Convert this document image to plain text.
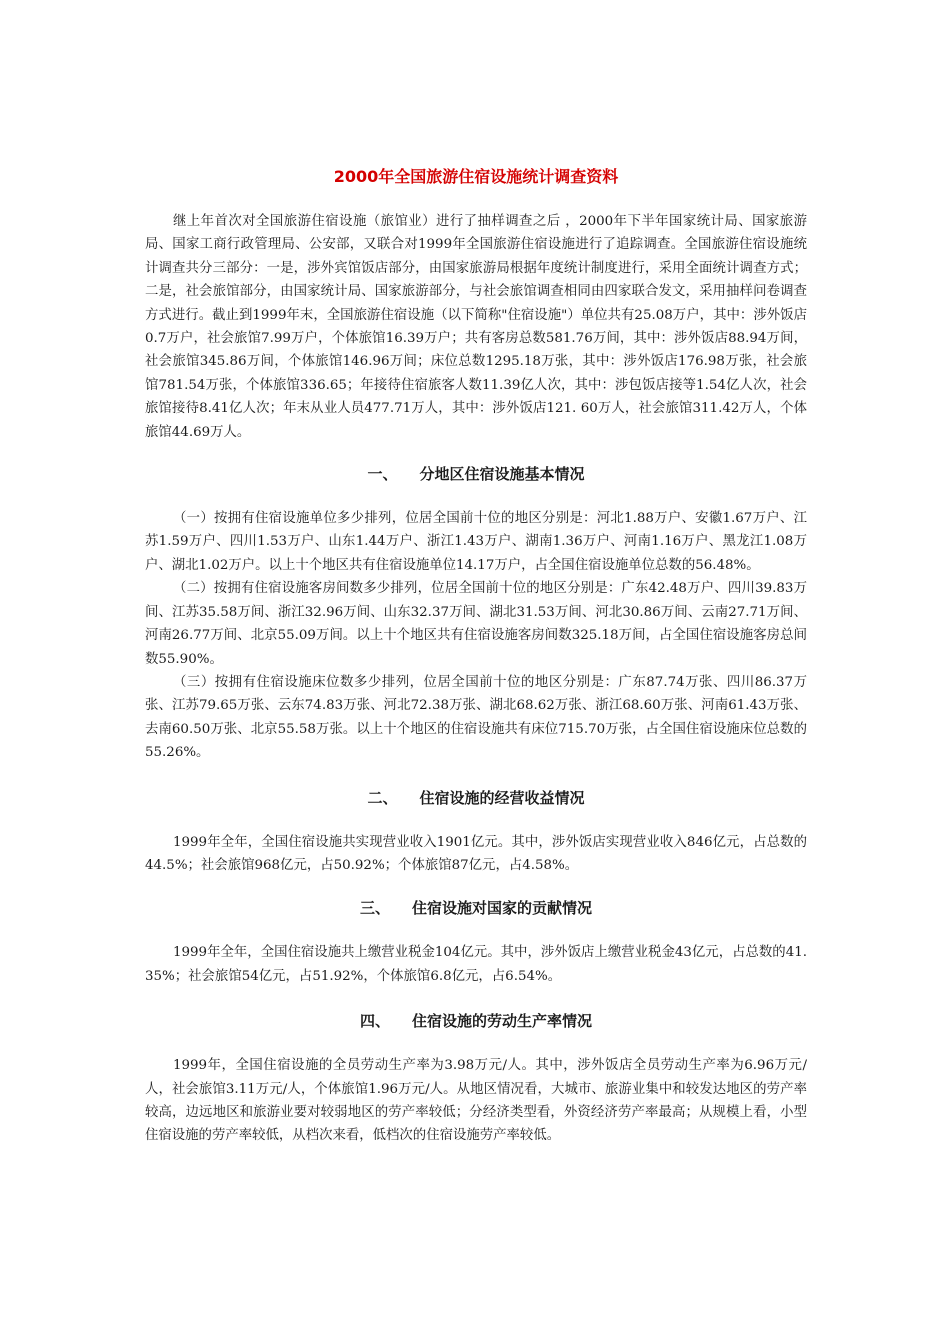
2000年全国旅游住宿设施统计调查资料

继上年首次对全国旅游住宿设施（旅馆业）进行了抽样调查之后 ，2000年下半年国家统计局、国家旅游局、国家工商行政管理局、公安部，又联合对1999年全国旅游住宿设施进行了追踪调查。全国旅游住宿设施统计调查共分三部分：一是，涉外宾馆饭店部分，由国家旅游局根据年度统计制度进行，采用全面统计调查方式；二是，社会旅馆部分，由国家统计局、国家旅游部分，与社会旅馆调查相同由四家联合发文，采用抽样问卷调查方式进行。截止到1999年末，全国旅游住宿设施（以下简称"住宿设施"）单位共有25.08万户，其中：涉外饭店0.7万户，社会旅馆7.99万户，个体旅馆16.39万户；共有客房总数581.76万间，其中：涉外饭店88.94万间，社会旅馆345.86万间，个体旅馆146.96万间；床位总数1295.18万张，其中：涉外饭店176.98万张，社会旅馆781.54万张，个体旅馆336.65；年接待住宿旅客人数11.39亿人次，其中：涉包饭店接等1.54亿人次，社会旅馆接待8.41亿人次；年末从业人员477.71万人，其中：涉外饭店121. 60万人，社会旅馆311.42万人，个体旅馆44.69万人。

一、 分地区住宿设施基本情况

（一）按拥有住宿设施单位多少排列，位居全国前十位的地区分别是：河北1.88万户、安徽1.67万户、江苏1.59万户、四川1.53万户、山东1.44万户、浙江1.43万户、湖南1.36万户、河南1.16万户、黑龙江1.08万户、湖北1.02万户。以上十个地区共有住宿设施单位14.17万户，占全国住宿设施单位总数的56.48%。

（二）按拥有住宿设施客房间数多少排列，位居全国前十位的地区分别是：广东42.48万户、四川39.83万间、江苏35.58万间、浙江32.96万间、山东32.37万间、湖北31.53万间、河北30.86万间、云南27.71万间、河南26.77万间、北京55.09万间。以上十个地区共有住宿设施客房间数325.18万间，占全国住宿设施客房总间数55.90%。

（三）按拥有住宿设施床位数多少排列，位居全国前十位的地区分别是：广东87.74万张、四川86.37万张、江苏79.65万张、云东74.83万张、河北72.38万张、湖北68.62万张、浙江68.60万张、河南61.43万张、去南60.50万张、北京55.58万张。以上十个地区的住宿设施共有床位715.70万张，占全国住宿设施床位总数的55.26%。

二、 住宿设施的经营收益情况

1999年全年，全国住宿设施共实现营业收入1901亿元。其中，涉外饭店实现营业收入846亿元，占总数的44.5%；社会旅馆968亿元，占50.92%；个体旅馆87亿元，占4.58%。

三、 住宿设施对国家的贡献情况

1999年全年，全国住宿设施共上缴营业税金104亿元。其中，涉外饭店上缴营业税金43亿元，占总数的41.35%；社会旅馆54亿元，占51.92%，个体旅馆6.8亿元，占6.54%。

四、 住宿设施的劳动生产率情况

1999年，全国住宿设施的全员劳动生产率为3.98万元/人。其中，涉外饭店全员劳动生产率为6.96万元/人，社会旅馆3.11万元/人，个体旅馆1.96万元/人。从地区情况看，大城市、旅游业集中和较发达地区的劳产率较高，边远地区和旅游业要对较弱地区的劳产率较低；分经济类型看，外资经济劳产率最高；从规模上看，小型住宿设施的劳产率较低，从档次来看，低档次的住宿设施劳产率较低。
